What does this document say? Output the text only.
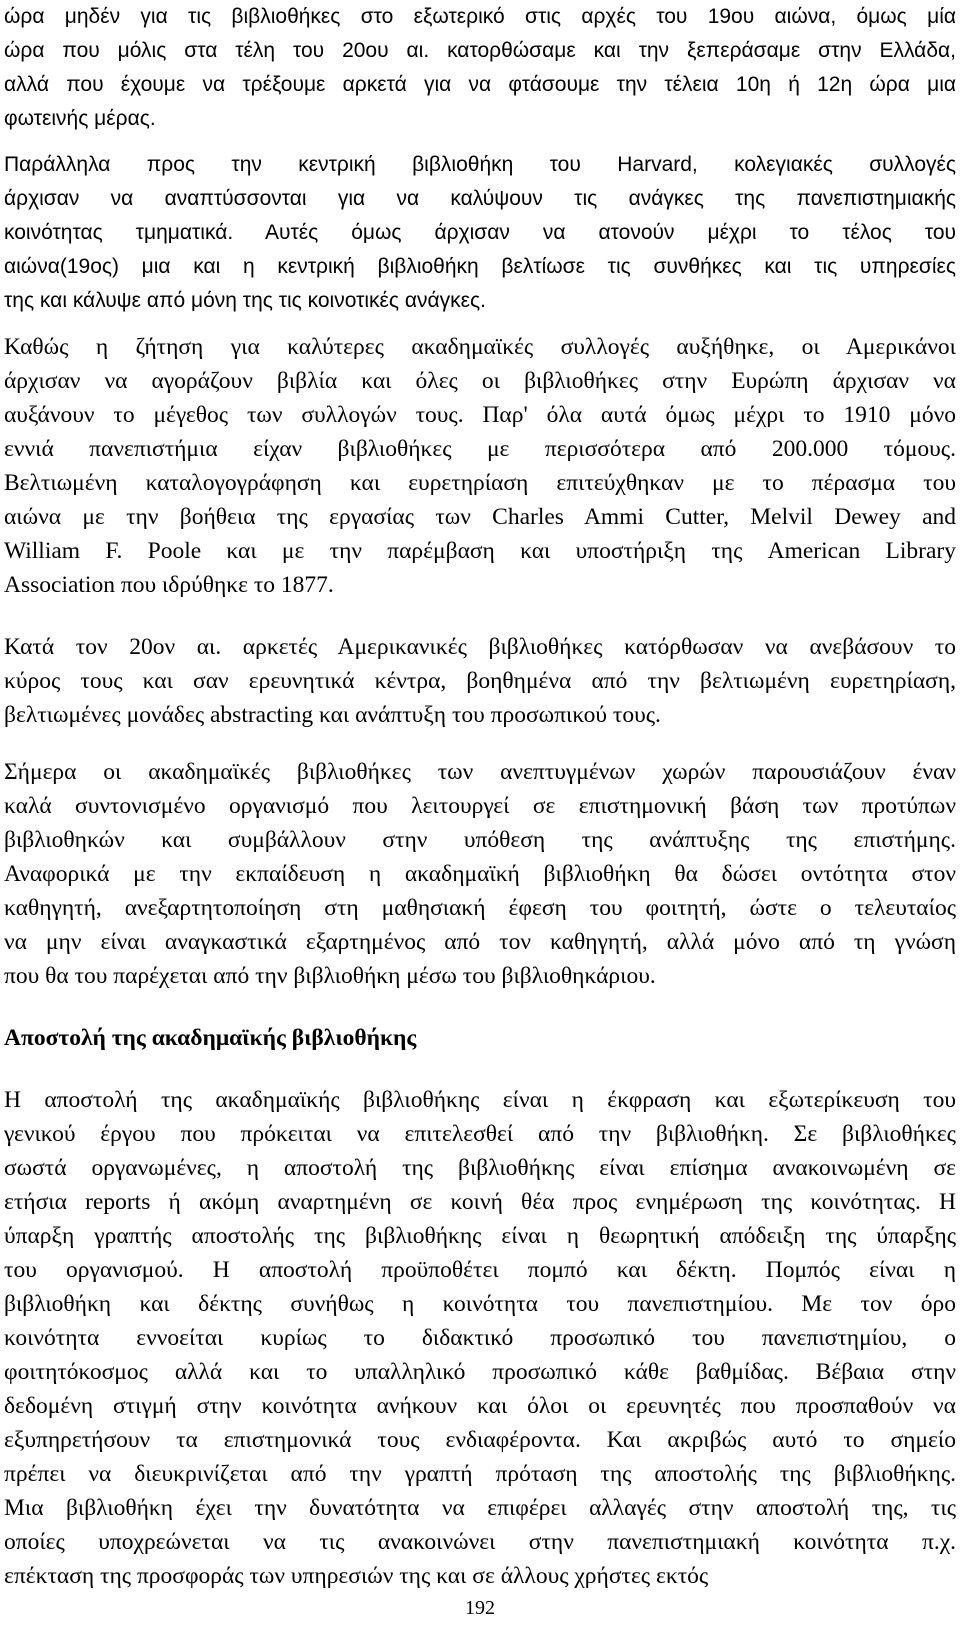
ώρα μηδέν για τις βιβλιοθήκες στο εξωτερικό στις αρχές του 19ου αιώνα, όμως μία
ώρα που μόλις στα τέλη του 20ου αι. κατορθώσαμε και την ξεπεράσαμε στην Ελλάδα,
αλλά που έχουμε να τρέξουμε αρκετά για να φτάσουμε την τέλεια 10η ή 12η ώρα μια
φωτεινής μέρας.
Παράλληλα προς την κεντρική βιβλιοθήκη του Harvard, κολεγιακές συλλογές
άρχισαν να αναπτύσσονται για να καλύψουν τις ανάγκες της πανεπιστημιακής
κοινότητας τμηματικά. Αυτές όμως άρχισαν να ατονούν μέχρι το τέλος του
αιώνα(19ος) μια και η κεντρική βιβλιοθήκη βελτίωσε τις συνθήκες και τις υπηρεσίες
της και κάλυψε από μόνη της τις κοινοτικές ανάγκες.
Καθώς η ζήτηση για καλύτερες ακαδημαϊκές συλλογές αυξήθηκε, οι Αμερικάνοι
άρχισαν να αγοράζουν βιβλία και όλες οι βιβλιοθήκες στην Ευρώπη άρχισαν να
αυξάνουν το μέγεθος των συλλογών τους. Παρ' όλα αυτά όμως μέχρι το 1910 μόνο
εννιά πανεπιστήμια είχαν βιβλιοθήκες με περισσότερα από 200.000 τόμους.
Βελτιωμένη καταλογογράφηση και ευρετηρίαση επιτεύχθηκαν με το πέρασμα του
αιώνα με την βοήθεια της εργασίας των Charles Ammi Cutter, Melvil Dewey and
William F. Poole και με την παρέμβαση και υποστήριξη της American Library
Association που ιδρύθηκε το 1877.
Κατά τον 20ον αι. αρκετές Αμερικανικές βιβλιοθήκες κατόρθωσαν να ανεβάσουν το
κύρος τους και σαν ερευνητικά κέντρα, βοηθημένα από την βελτιωμένη ευρετηρίαση,
βελτιωμένες μονάδες abstracting και ανάπτυξη του προσωπικού τους.
Σήμερα οι ακαδημαϊκές βιβλιοθήκες των ανεπτυγμένων χωρών παρουσιάζουν έναν
καλά συντονισμένο οργανισμό που λειτουργεί σε επιστημονική βάση των προτύπων
βιβλιοθηκών και συμβάλλουν στην υπόθεση της ανάπτυξης της επιστήμης.
Αναφορικά με την εκπαίδευση η ακαδημαϊκή βιβλιοθήκη θα δώσει οντότητα στον
καθηγητή, ανεξαρτητοποίηση στη μαθησιακή έφεση του φοιτητή, ώστε ο τελευταίος
να μην είναι αναγκαστικά εξαρτημένος από τον καθηγητή, αλλά μόνο από τη γνώση
που θα του παρέχεται από την βιβλιοθήκη μέσω του βιβλιοθηκάριου.
Αποστολή της ακαδημαϊκής βιβλιοθήκης
Η αποστολή της ακαδημαϊκής βιβλιοθήκης είναι η έκφραση και εξωτερίκευση του
γενικού έργου που πρόκειται να επιτελεσθεί από την βιβλιοθήκη. Σε βιβλιοθήκες
σωστά οργανωμένες, η αποστολή της βιβλιοθήκης είναι επίσημα ανακοινωμένη σε
ετήσια reports ή ακόμη αναρτημένη σε κοινή θέα προς ενημέρωση της κοινότητας. Η
ύπαρξη γραπτής αποστολής της βιβλιοθήκης είναι η θεωρητική απόδειξη της ύπαρξης
του οργανισμού. Η αποστολή προϋποθέτει πομπό και δέκτη. Πομπός είναι η
βιβλιοθήκη και δέκτης συνήθως η κοινότητα του πανεπιστημίου. Με τον όρο
κοινότητα εννοείται κυρίως το διδακτικό προσωπικό του πανεπιστημίου, ο
φοιτητόκοσμος αλλά και το υπαλληλικό προσωπικό κάθε βαθμίδας. Βέβαια στην
δεδομένη στιγμή στην κοινότητα ανήκουν και όλοι οι ερευνητές που προσπαθούν να
εξυπηρετήσουν τα επιστημονικά τους ενδιαφέροντα. Και ακριβώς αυτό το σημείο
πρέπει να διευκρινίζεται από την γραπτή πρόταση της αποστολής της βιβλιοθήκης.
Μια βιβλιοθήκη έχει την δυνατότητα να επιφέρει αλλαγές στην αποστολή της, τις
οποίες υποχρεώνεται να τις ανακοινώνει στην πανεπιστημιακή κοινότητα π.χ.
επέκταση της προσφοράς των υπηρεσιών της και σε άλλους χρήστες εκτός
192
